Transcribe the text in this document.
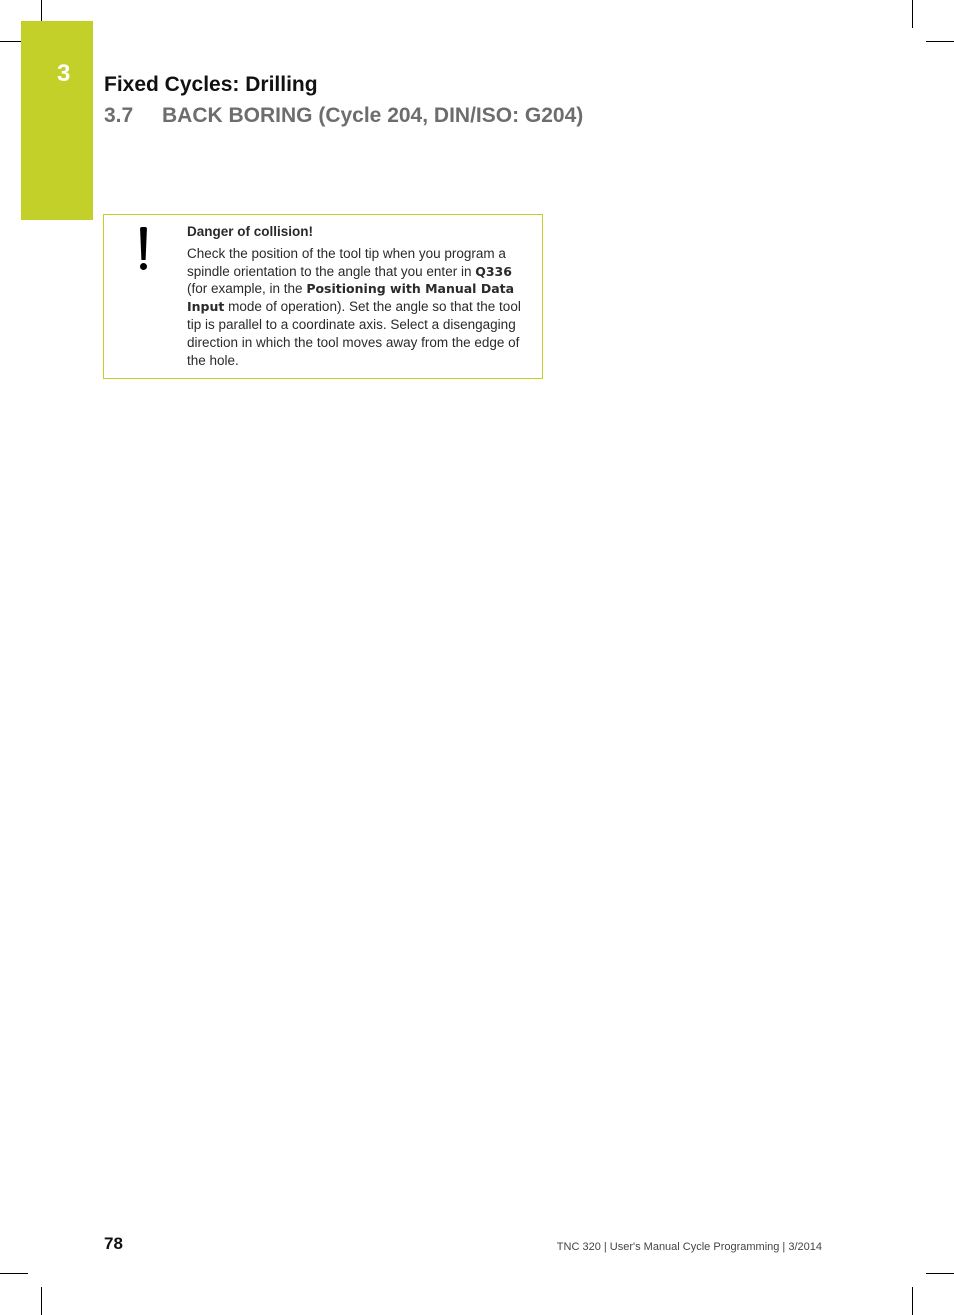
3 Fixed Cycles: Drilling
3.7 BACK BORING (Cycle 204, DIN/ISO: G204)
Danger of collision!
Check the position of the tool tip when you program a spindle orientation to the angle that you enter in Q336 (for example, in the Positioning with Manual Data Input mode of operation). Set the angle so that the tool tip is parallel to a coordinate axis. Select a disengaging direction in which the tool moves away from the edge of the hole.
78	TNC 320 | User's Manual Cycle Programming | 3/2014
